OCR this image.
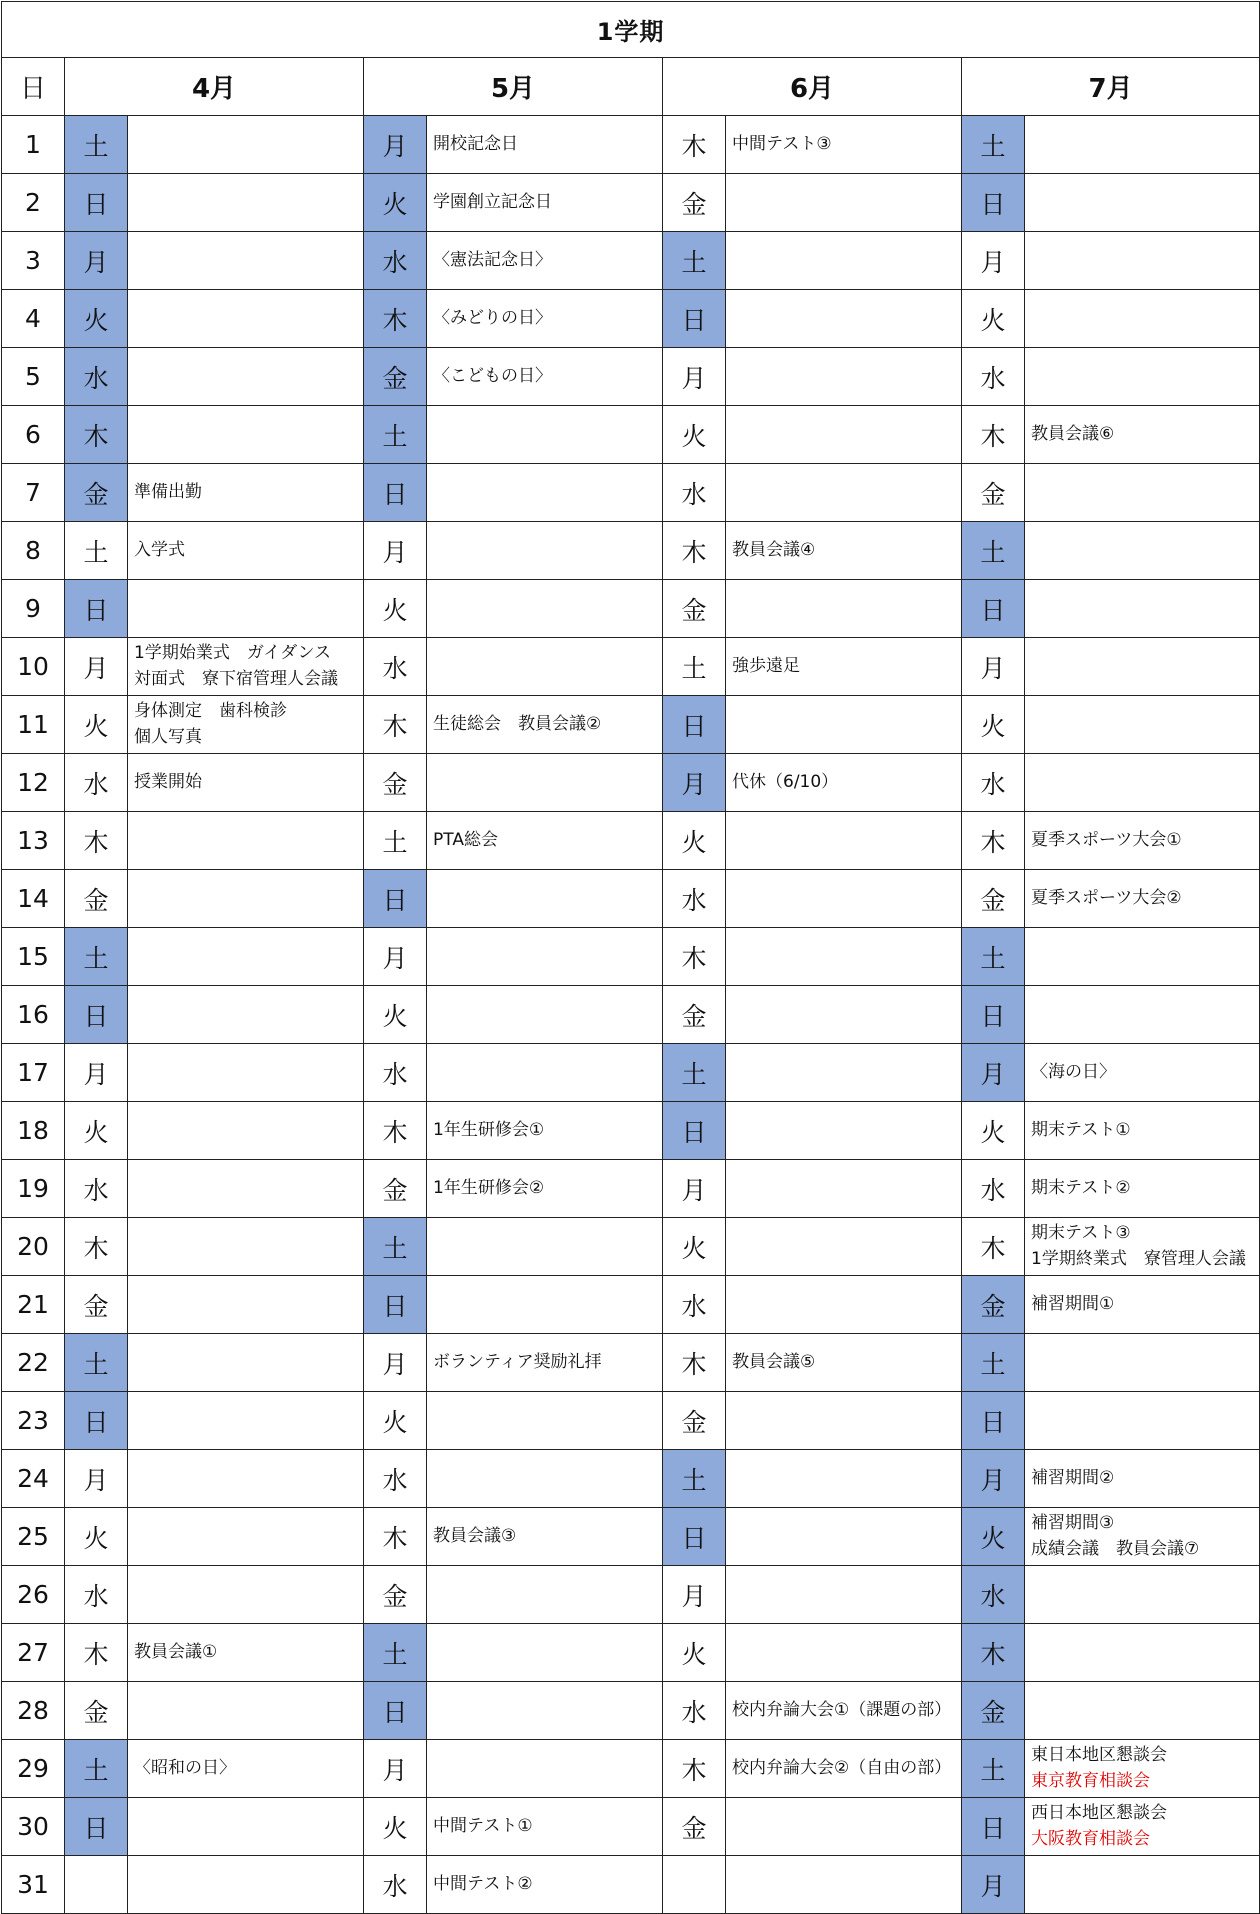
1学期								
日	4月		5月		6月		7月	
1	土		月	開校記念日	木	中間テスト③	土	
2	日		火	学園創立記念日	金		日	
3	月		水	〈憲法記念日〉	土		月	
4	火		木	〈みどりの日〉	日		火	
5	水		金	〈こどもの日〉	月		水	
6	木		土		火		木	教員会議⑥

7	金	準備出勤	日		水		金	
8	土	入学式	月		木	教員会議④	土	
9	日		火		金		日	
10	月	1学期始業式　ガイダンス
対面式　寮下宿管理人会議	水		土	強歩遠足	月	
11	火	身体測定　歯科検診
個人写真	木	生徒総会　教員会議②	日		火	
12	水	授業開始	金		月	代休（6/10）	水	
13	木		土	PTA総会	火		木	夏季スポーツ大会①

14	金		日		水		金	夏季スポーツ大会②

15	土		月		木		土	
16	日		火		金		日	
17	月		水		土		月	〈海の日〉

18	火		木	1年生研修会①	日		火	期末テスト①

19	水		金	1年生研修会②	月		水	期末テスト②

20	木		土		火		木	期末テスト③
1学期終業式　寮管理人会議

21	金		日		水		金	補習期間①

22	土		月	ボランティア奨励礼拝	木	教員会議⑤	土	
23	日		火		金		日	
24	月		水		土		月	補習期間②

25	火		木	教員会議③	日		火	補習期間③
成績会議　教員会議⑦

26	水		金		月		水	
27	木	教員会議①	土		火		木	
28	金		日		水	校内弁論大会①（課題の部）	金	
29	土	〈昭和の日〉	月		木	校内弁論大会②（自由の部）	土	東日本地区懇談会
東京教育相談会

30	日		火	中間テスト①	金		日	西日本地区懇談会
大阪教育相談会

31			水	中間テスト②			月	
